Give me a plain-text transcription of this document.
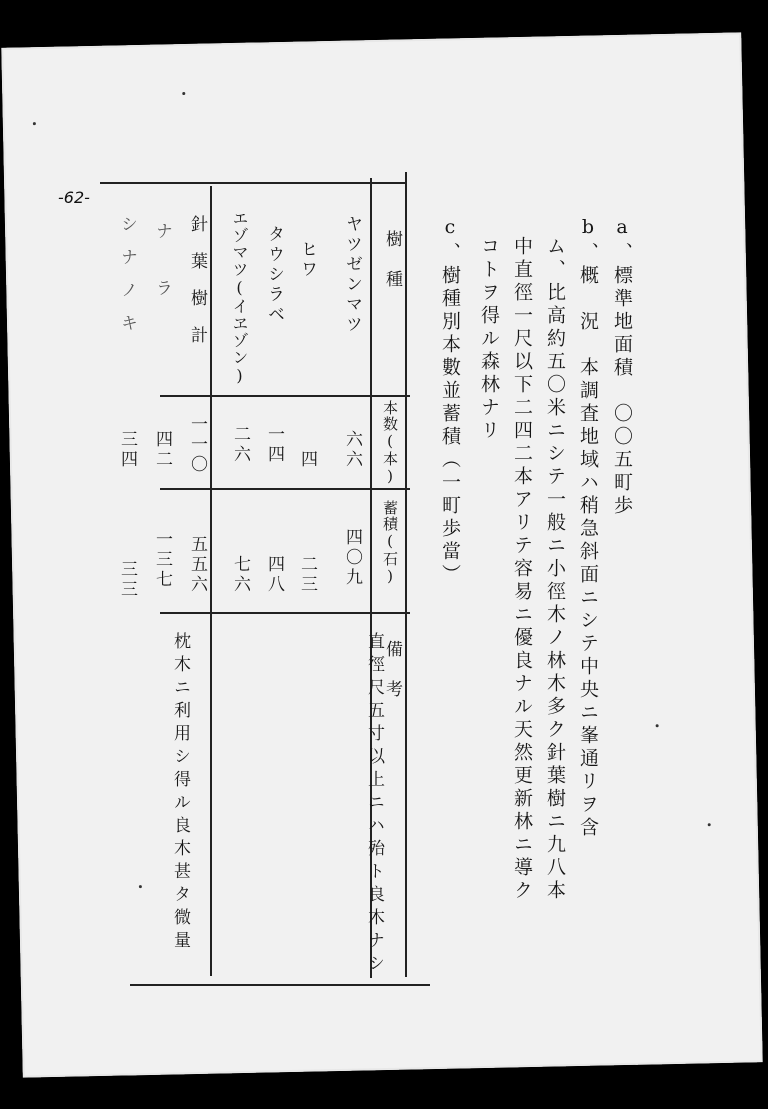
-62-
a、標準地面積　〇〇五町歩
b、概　況　本調査地域ハ稍急斜面ニシテ中央ニ峯通リヲ含
ム、比高約五〇米ニシテ一般ニ小徑木ノ林木多ク針葉樹ニ九八本
中直徑一尺以下二四二本アリテ容易ニ優良ナル天然更新林ニ導ク
コトヲ得ル森林ナリ
c、樹種別本數並蓄積（一町歩當）
樹　種
本数(本)
蓄積(石)
備　考
ヤツゼンマツ
六六
四〇九
ヒワ
四
二三
タウシラベ
一四
四八
エゾマツ(イヱゾン)
二六
七六
針葉樹計
一一〇
五五六
ナラ
四二
一三七
シナノキ
三四
三三
直徑尺五寸以上ニハ殆ト良木ナシ
枕木ニ利用シ得ル良木甚タ微量
